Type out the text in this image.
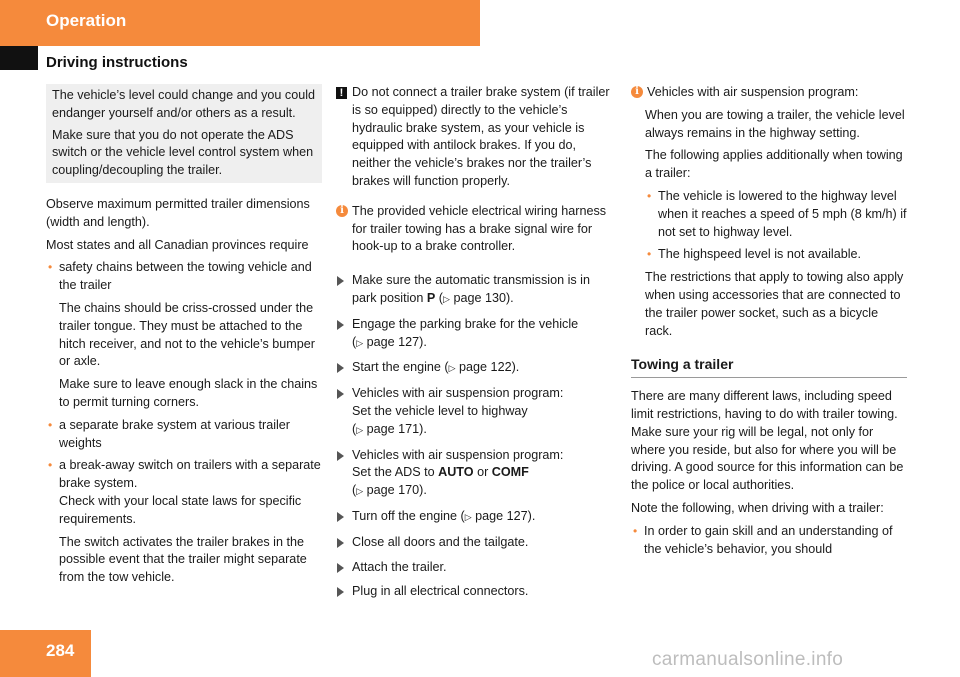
Operation
Driving instructions

The vehicle’s level could change and you could endanger yourself and/or others as a result.

Make sure that you do not operate the ADS switch or the vehicle level control system when coupling/decoupling the trailer.

Observe maximum permitted trailer dimensions (width and length).

Most states and all Canadian provinces require

• safety chains between the towing vehicle and the trailer

The chains should be criss-crossed under the trailer tongue. They must be attached to the hitch receiver, and not to the vehicle’s bumper or axle.

Make sure to leave enough slack in the chains to permit turning corners.

• a separate brake system at various trailer weights
• a break-away switch on trailers with a separate brake system.
Check with your local state laws for specific requirements.

The switch activates the trailer brakes in the possible event that the trailer might separate from the tow vehicle.

! Do not connect a trailer brake system (if trailer is so equipped) directly to the vehicle’s hydraulic brake system, as your vehicle is equipped with antilock brakes. If you do, neither the vehicle’s brakes nor the trailer’s brakes will function properly.
i The provided vehicle electrical wiring harness for trailer towing has a brake signal wire for hook-up to a brake controller.
Make sure the automatic transmission is in park position P (▷ page 130).
Engage the parking brake for the vehicle
(▷ page 127).
Start the engine (▷ page 122).
Vehicles with air suspension program:
Set the vehicle level to highway
(▷ page 171).
Vehicles with air suspension program:
Set the ADS to AUTO or COMF
(▷ page 170).
Turn off the engine (▷ page 127).
Close all doors and the tailgate.
Attach the trailer.
Plug in all electrical connectors.
i Vehicles with air suspension program:

When you are towing a trailer, the vehicle level always remains in the highway setting.

The following applies additionally when towing a trailer:

• The vehicle is lowered to the highway level when it reaches a speed of 5 mph (8 km/h) if not set to highway level.
• The highspeed level is not available.

The restrictions that apply to towing also apply when using accessories that are connected to the trailer power socket, such as a bicycle rack.

Towing a trailer

There are many different laws, including speed limit restrictions, having to do with trailer towing. Make sure your rig will be legal, not only for where you reside, but also for where you will be driving. A good source for this information can be the police or local authorities.

Note the following, when driving with a trailer:

• In order to gain skill and an understanding of the vehicle’s behavior, you should
284	carmanualsonline.info
